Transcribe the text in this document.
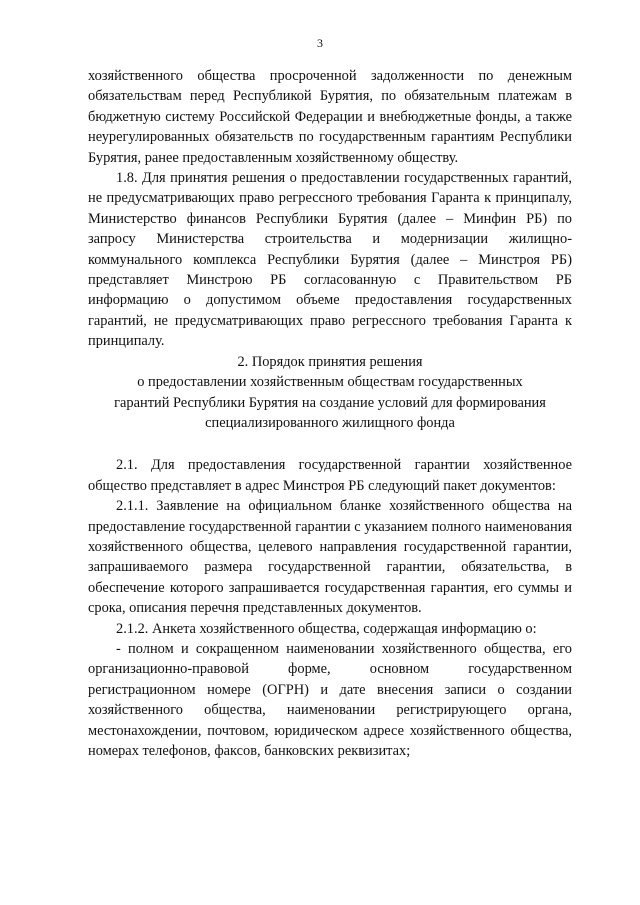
3

хозяйственного общества просроченной задолженности по денежным обязательствам перед Республикой Бурятия, по обязательным платежам в бюджетную систему Российской Федерации и внебюджетные фонды, а также неурегулированных обязательств по государственным гарантиям Республики Бурятия, ранее предоставленным хозяйственному обществу.

1.8. Для принятия решения о предоставлении государственных гарантий, не предусматривающих право регрессного требования Гаранта к принципалу, Министерство финансов Республики Бурятия (далее – Минфин РБ) по запросу Министерства строительства и модернизации жилищно-коммунального комплекса Республики Бурятия (далее – Минстроя РБ) представляет Минстрою РБ согласованную с Правительством РБ информацию о допустимом объеме предоставления государственных гарантий, не предусматривающих право регрессного требования Гаранта к принципалу.

2. Порядок принятия решения

о предоставлении хозяйственным обществам государственных

гарантий Республики Бурятия на создание условий для формирования

специализированного жилищного фонда

2.1. Для предоставления государственной гарантии хозяйственное общество представляет в адрес Минстроя РБ следующий пакет документов:

2.1.1. Заявление на официальном бланке хозяйственного общества на предоставление государственной гарантии с указанием полного наименования хозяйственного общества, целевого направления государственной гарантии, запрашиваемого размера государственной гарантии, обязательства, в обеспечение которого запрашивается государственная гарантия, его суммы и срока, описания перечня представленных документов.

2.1.2. Анкета хозяйственного общества, содержащая информацию о:

- полном и сокращенном наименовании хозяйственного общества, его организационно-правовой форме, основном государственном регистрационном номере (ОГРН) и дате внесения записи о создании хозяйственного общества, наименовании регистрирующего органа, местонахождении, почтовом, юридическом адресе хозяйственного общества, номерах телефонов, факсов, банковских реквизитах;
